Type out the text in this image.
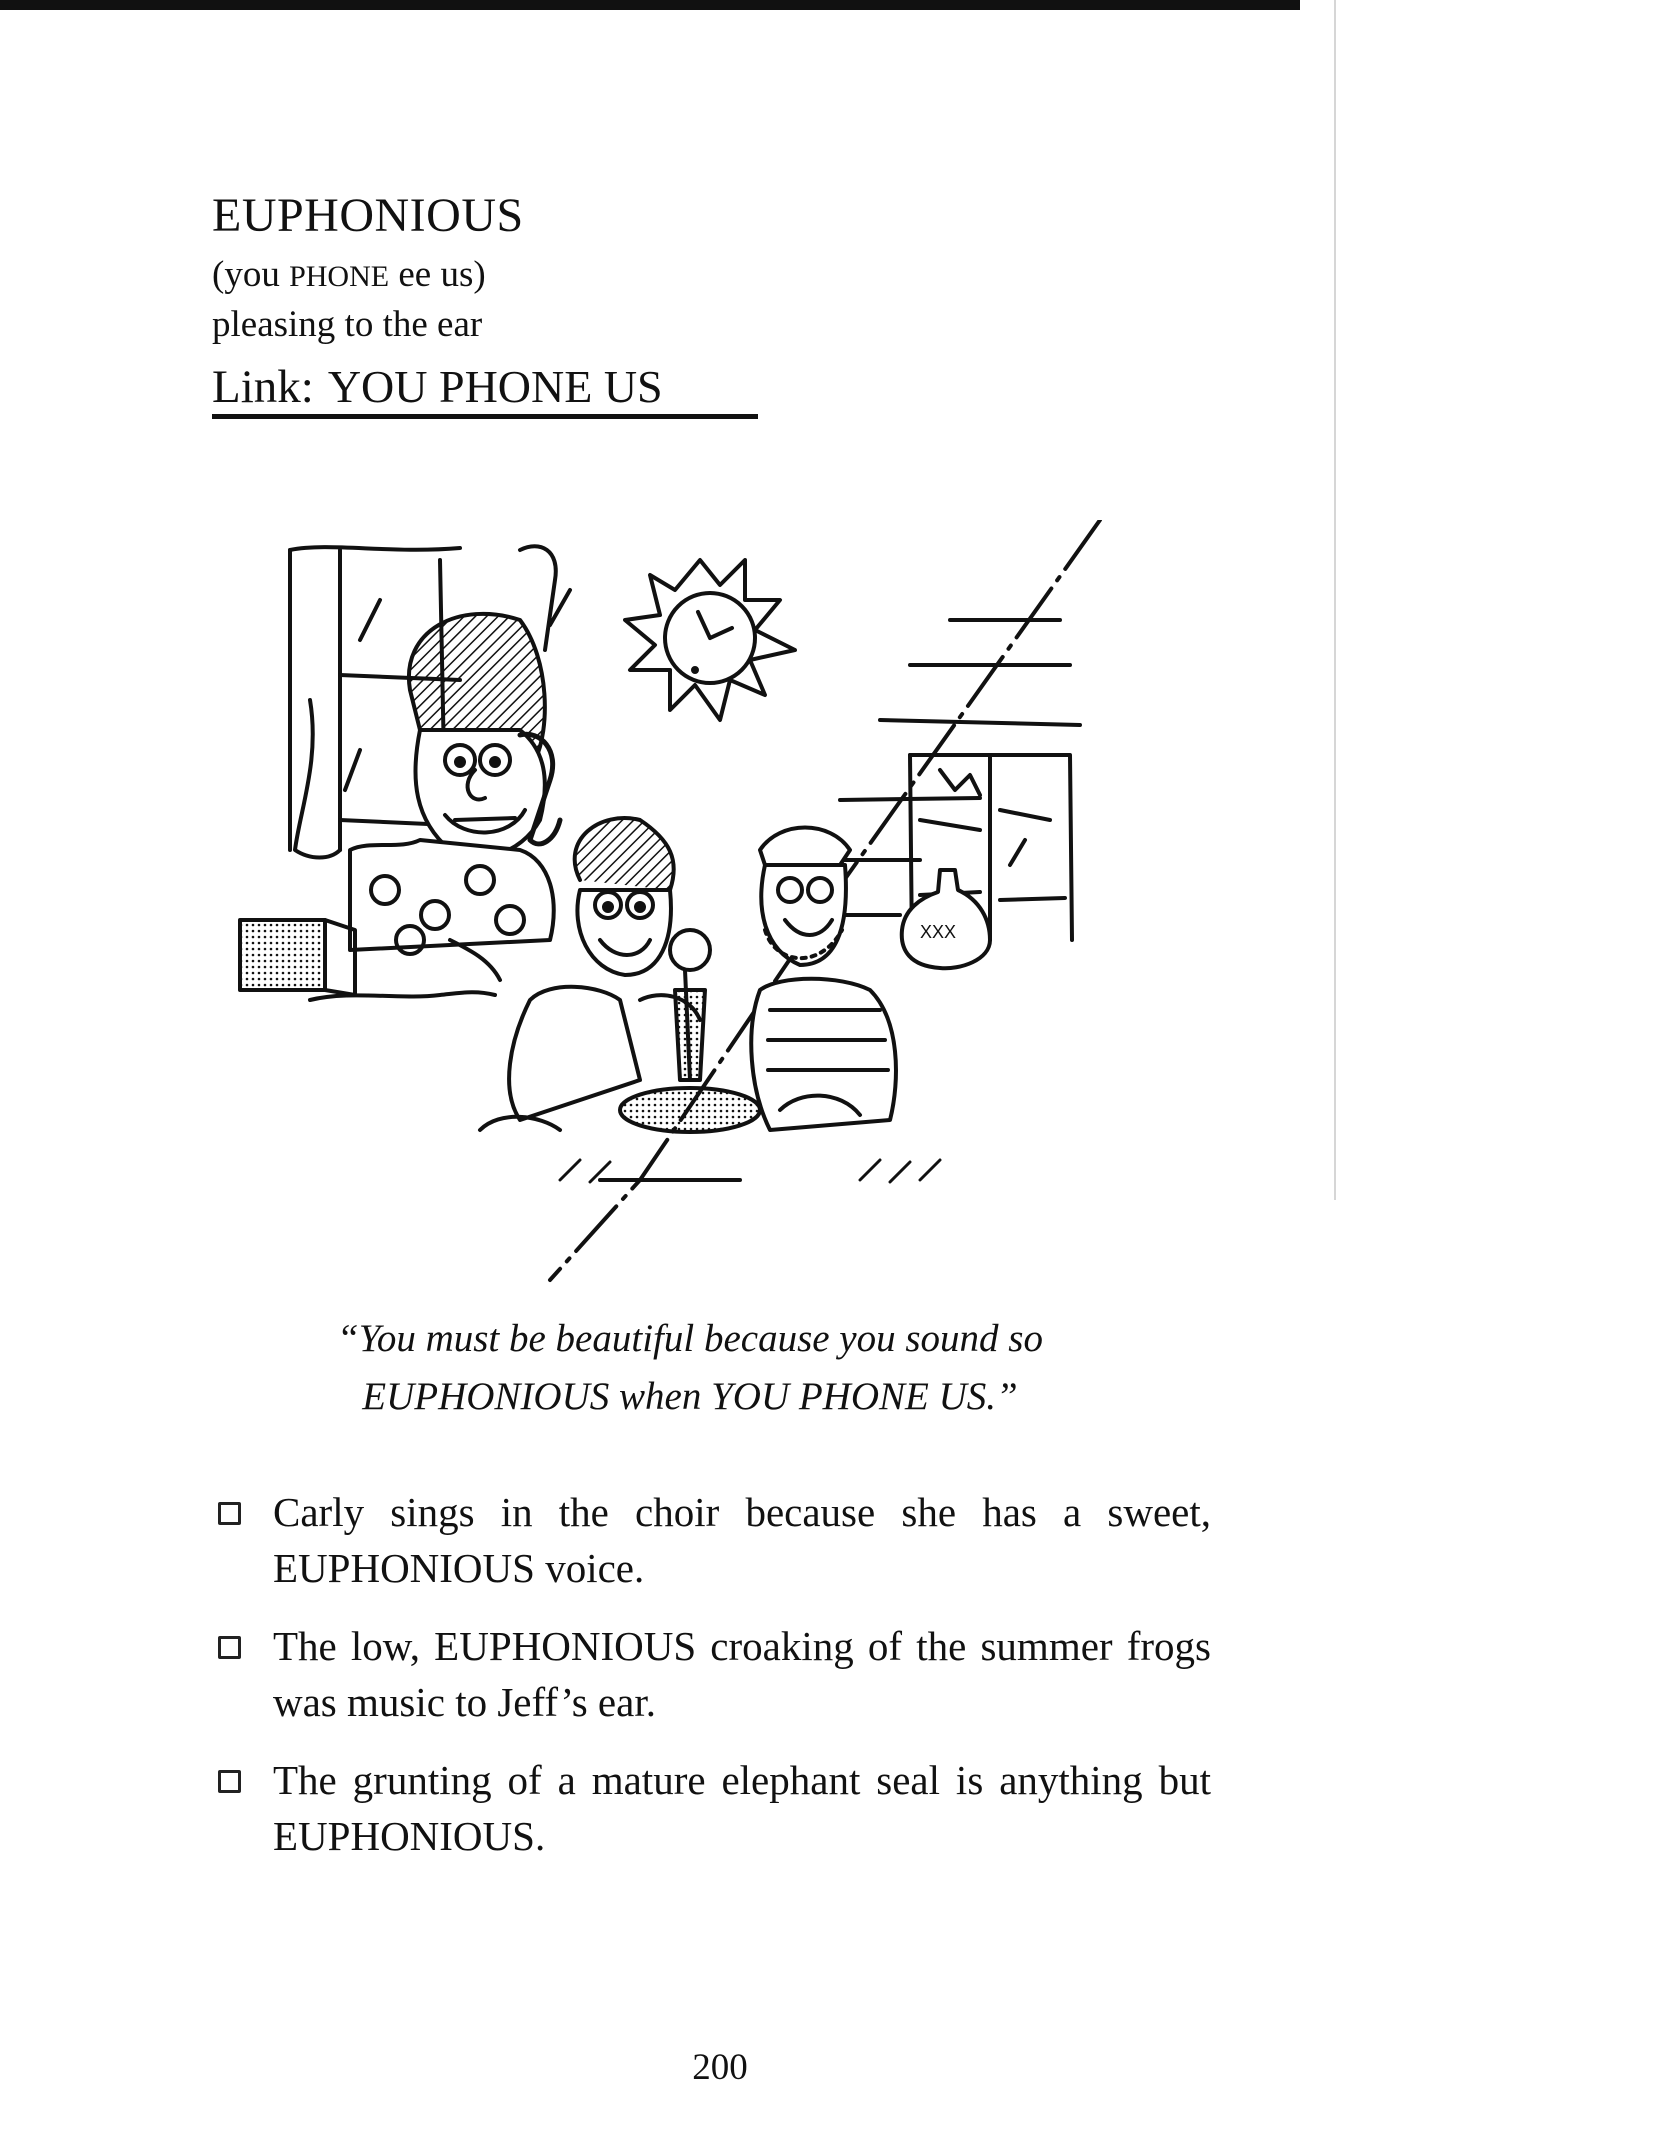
EUPHONIOUS
(you PHONE ee us)
pleasing to the ear
Link: YOU PHONE US
XXX
“You must be beautiful because you sound so
EUPHONIOUS when YOU PHONE US.”
Carly sings in the choir because she has a sweet, EUPHONIOUS voice.
The low, EUPHONIOUS croaking of the summer frogs was music to Jeff’s ear.
The grunting of a mature elephant seal is anything but EUPHONIOUS.
200
